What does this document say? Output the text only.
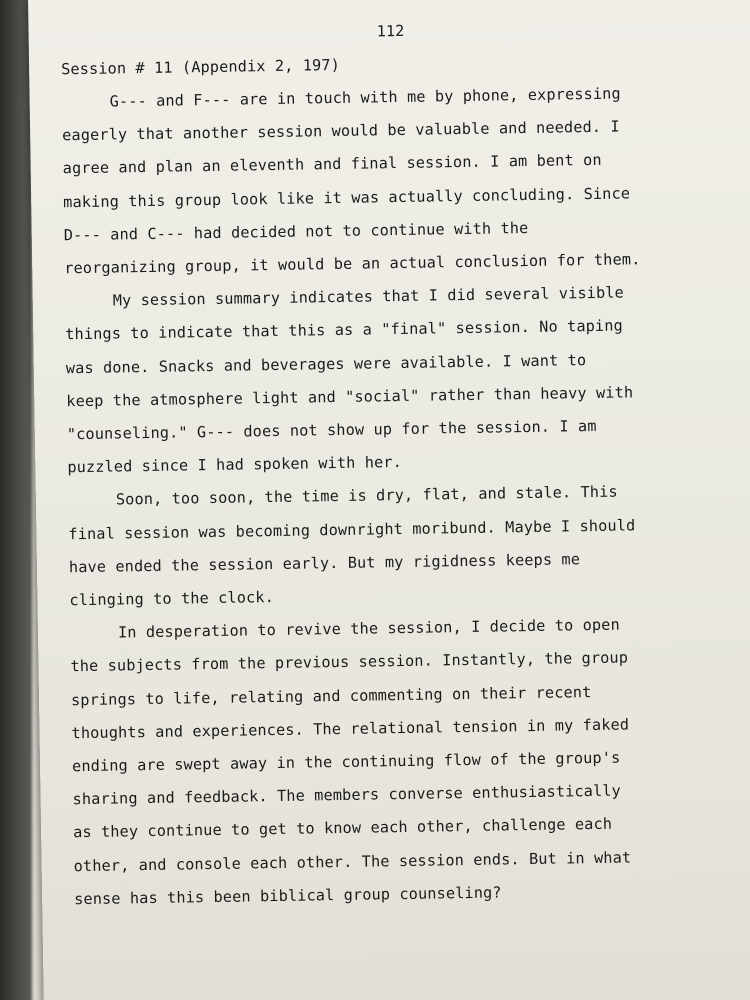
112
Session # 11 (Appendix 2, 197)
G--- and F--- are in touch with me by phone, expressing
eagerly that another session would be valuable and needed. I
agree and plan an eleventh and final session. I am bent on
making this group look like it was actually concluding. Since
D--- and C--- had decided not to continue with the
reorganizing group, it would be an actual conclusion for them.
My session summary indicates that I did several visible
things to indicate that this as a "final" session. No taping
was done. Snacks and beverages were available. I want to
keep the atmosphere light and "social" rather than heavy with
"counseling." G--- does not show up for the session. I am
puzzled since I had spoken with her.
Soon, too soon, the time is dry, flat, and stale. This
final session was becoming downright moribund. Maybe I should
have ended the session early. But my rigidness keeps me
clinging to the clock.
In desperation to revive the session, I decide to open
the subjects from the previous session. Instantly, the group
springs to life, relating and commenting on their recent
thoughts and experiences. The relational tension in my faked
ending are swept away in the continuing flow of the group's
sharing and feedback. The members converse enthusiastically
as they continue to get to know each other, challenge each
other, and console each other. The session ends. But in what
sense has this been biblical group counseling?
